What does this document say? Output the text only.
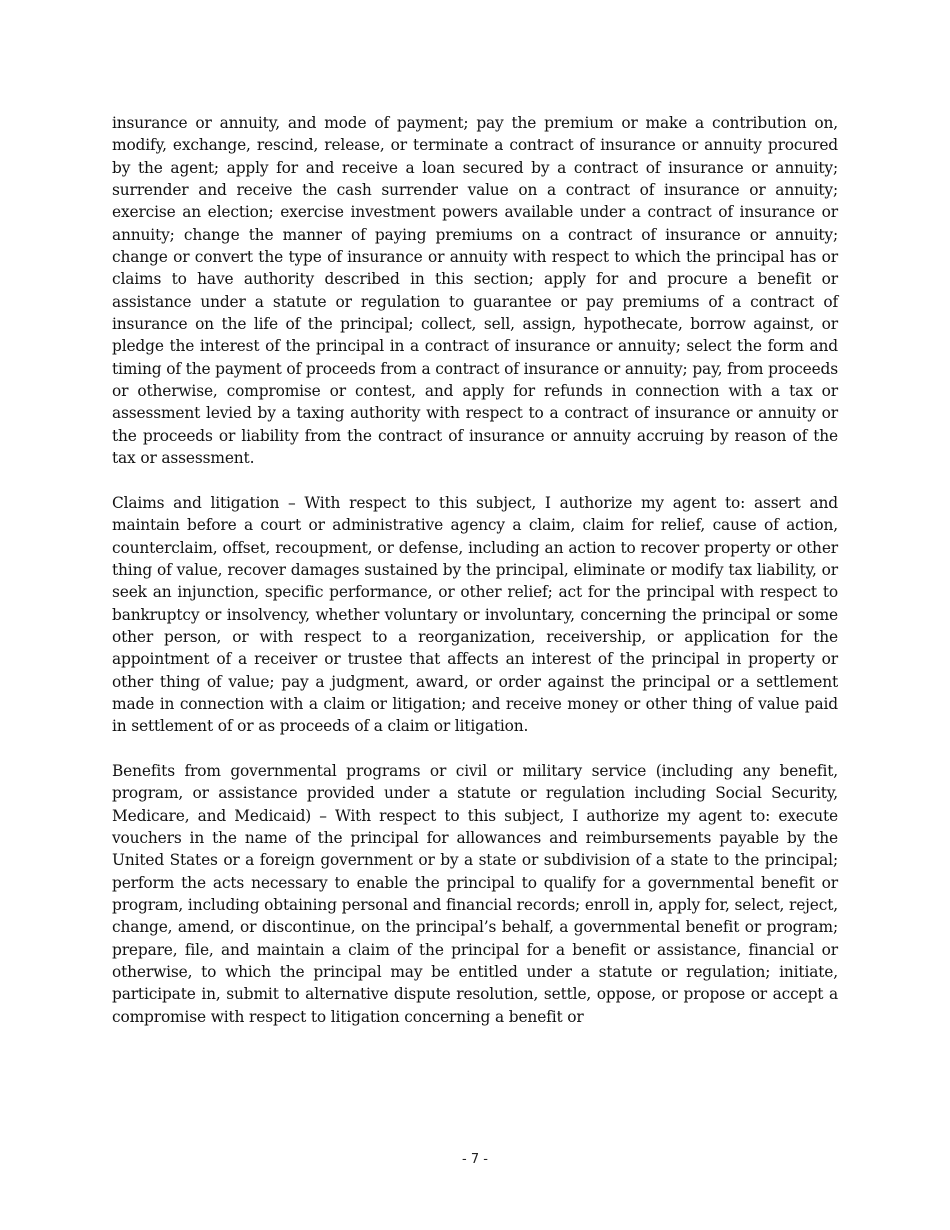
insurance or annuity, and mode of payment; pay the premium or make a contribution on, modify, exchange, rescind, release, or terminate a contract of insurance or annuity procured by the agent; apply for and receive a loan secured by a contract of insurance or annuity; surrender and receive the cash surrender value on a contract of insurance or annuity; exercise an election; exercise investment powers available under a contract of insurance or annuity; change the manner of paying premiums on a contract of insurance or annuity; change or convert the type of insurance or annuity with respect to which the principal has or claims to have authority described in this section; apply for and procure a benefit or assistance under a statute or regulation to guarantee or pay premiums of a contract of insurance on the life of the principal; collect, sell, assign, hypothecate, borrow against, or pledge the interest of the principal in a contract of insurance or annuity; select the form and timing of the payment of proceeds from a contract of insurance or annuity; pay, from proceeds or otherwise, compromise or contest, and apply for refunds in connection with a tax or assessment levied by a taxing authority with respect to a contract of insurance or annuity or the proceeds or liability from the contract of insurance or annuity accruing by reason of the tax or assessment.

Claims and litigation – With respect to this subject, I authorize my agent to: assert and maintain before a court or administrative agency a claim, claim for relief, cause of action, counterclaim, offset, recoupment, or defense, including an action to recover property or other thing of value, recover damages sustained by the principal, eliminate or modify tax liability, or seek an injunction, specific performance, or other relief; act for the principal with respect to bankruptcy or insolvency, whether voluntary or involuntary, concerning the principal or some other person, or with respect to a reorganization, receivership, or application for the appointment of a receiver or trustee that affects an interest of the principal in property or other thing of value; pay a judgment, award, or order against the principal or a settlement made in connection with a claim or litigation; and receive money or other thing of value paid in settlement of or as proceeds of a claim or litigation.

Benefits from governmental programs or civil or military service (including any benefit, program, or assistance provided under a statute or regulation including Social Security, Medicare, and Medicaid) – With respect to this subject, I authorize my agent to: execute vouchers in the name of the principal for allowances and reimbursements payable by the United States or a foreign government or by a state or subdivision of a state to the principal; perform the acts necessary to enable the principal to qualify for a governmental benefit or program, including obtaining personal and financial records; enroll in, apply for, select, reject, change, amend, or discontinue, on the principal’s behalf, a governmental benefit or program; prepare, file, and maintain a claim of the principal for a benefit or assistance, financial or otherwise, to which the principal may be entitled under a statute or regulation; initiate, participate in, submit to alternative dispute resolution, settle, oppose, or propose or accept a compromise with respect to litigation concerning a benefit or

- 7 -
